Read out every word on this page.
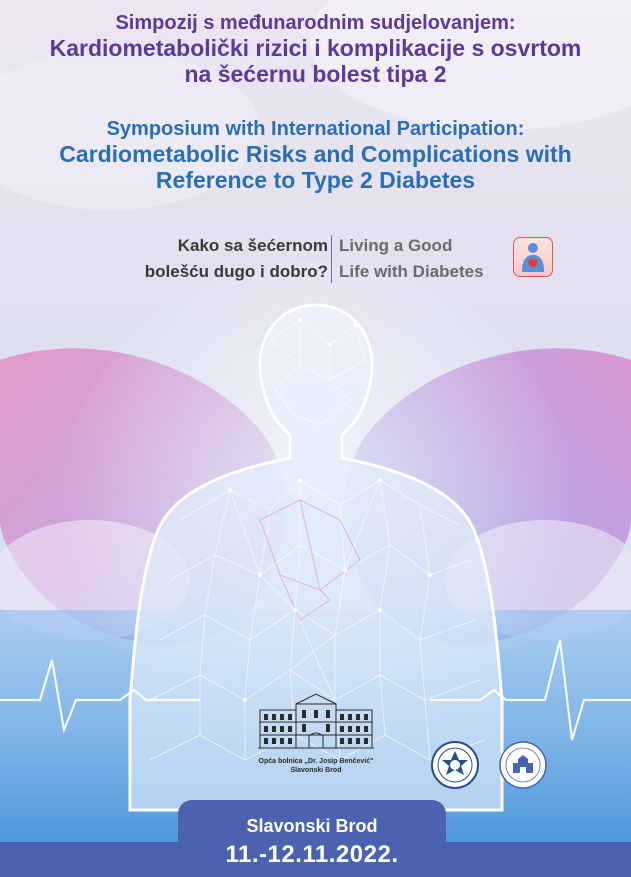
Simpozij s međunarodnim sudjelovanjem:
Kardiometabolički rizici i komplikacije s osvrtom
na šećernu bolest tipa 2
Symposium with International Participation:
Cardiometabolic Risks and Complications with
Reference to Type 2 Diabetes
Kako sa šećernom
bolešću dugo i dobro?
Living a Good
Life with Diabetes
Opća bolnica „Dr. Josip Benčević"
Slavonski Brod
Slavonski Brod
11.-12.11.2022.
